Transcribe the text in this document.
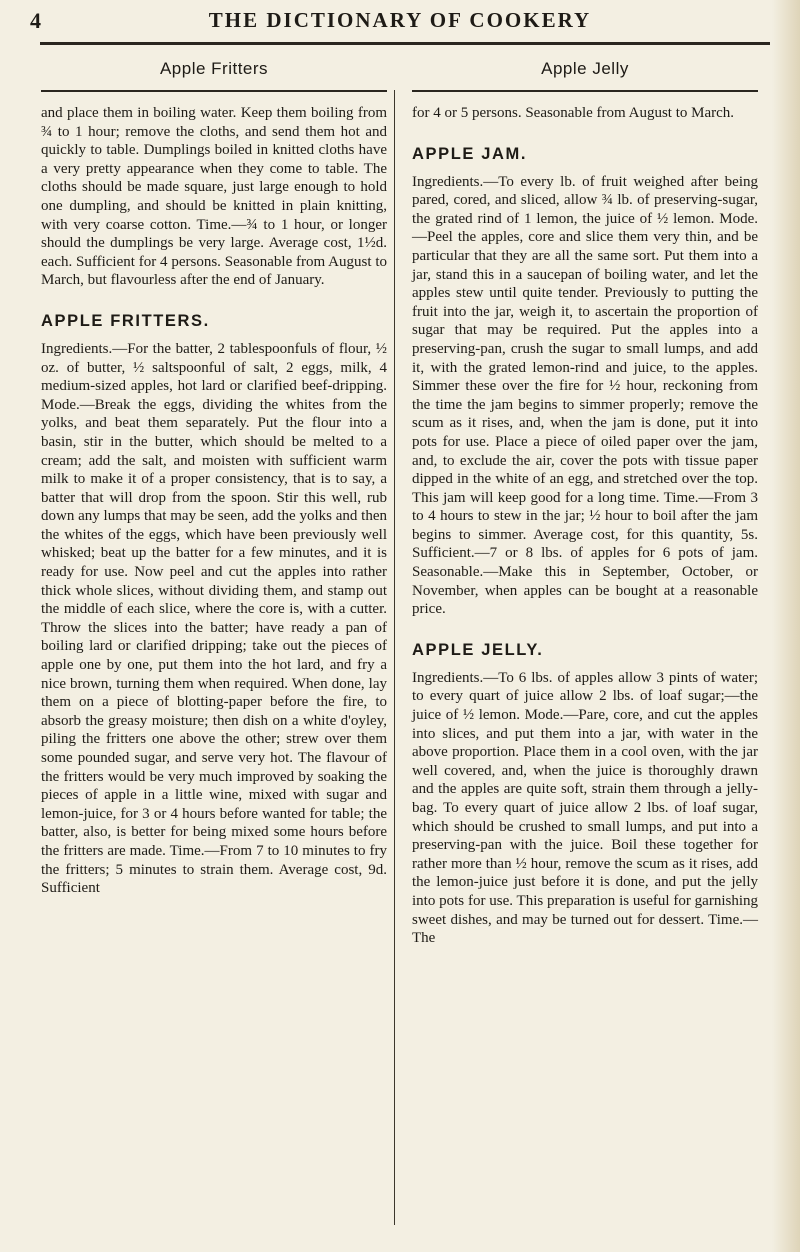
4	THE DICTIONARY OF COOKERY
Apple Fritters

and place them in boiling water. Keep them boiling from ¾ to 1 hour; remove the cloths, and send them hot and quickly to table. Dumplings boiled in knitted cloths have a very pretty appearance when they come to table. The cloths should be made square, just large enough to hold one dumpling, and should be knitted in plain knitting, with very coarse cotton. Time.—¾ to 1 hour, or longer should the dumplings be very large. Average cost, 1½d. each. Sufficient for 4 persons. Seasonable from August to March, but flavourless after the end of January.

APPLE FRITTERS.

Ingredients.—For the batter, 2 tablespoonfuls of flour, ½ oz. of butter, ½ saltspoonful of salt, 2 eggs, milk, 4 medium-sized apples, hot lard or clarified beef-dripping. Mode.—Break the eggs, dividing the whites from the yolks, and beat them separately. Put the flour into a basin, stir in the butter, which should be melted to a cream; add the salt, and moisten with sufficient warm milk to make it of a proper consistency, that is to say, a batter that will drop from the spoon. Stir this well, rub down any lumps that may be seen, add the yolks and then the whites of the eggs, which have been previously well whisked; beat up the batter for a few minutes, and it is ready for use. Now peel and cut the apples into rather thick whole slices, without dividing them, and stamp out the middle of each slice, where the core is, with a cutter. Throw the slices into the batter; have ready a pan of boiling lard or clarified dripping; take out the pieces of apple one by one, put them into the hot lard, and fry a nice brown, turning them when required. When done, lay them on a piece of blotting-paper before the fire, to absorb the greasy moisture; then dish on a white d'oyley, piling the fritters one above the other; strew over them some pounded sugar, and serve very hot. The flavour of the fritters would be very much improved by soaking the pieces of apple in a little wine, mixed with sugar and lemon-juice, for 3 or 4 hours before wanted for table; the batter, also, is better for being mixed some hours before the fritters are made. Time.—From 7 to 10 minutes to fry the fritters; 5 minutes to strain them. Average cost, 9d. Sufficient

Apple Jelly

for 4 or 5 persons. Seasonable from August to March.

APPLE JAM.

Ingredients.—To every lb. of fruit weighed after being pared, cored, and sliced, allow ¾ lb. of preserving-sugar, the grated rind of 1 lemon, the juice of ½ lemon. Mode.—Peel the apples, core and slice them very thin, and be particular that they are all the same sort. Put them into a jar, stand this in a saucepan of boiling water, and let the apples stew until quite tender. Previously to putting the fruit into the jar, weigh it, to ascertain the proportion of sugar that may be required. Put the apples into a preserving-pan, crush the sugar to small lumps, and add it, with the grated lemon-rind and juice, to the apples. Simmer these over the fire for ½ hour, reckoning from the time the jam begins to simmer properly; remove the scum as it rises, and, when the jam is done, put it into pots for use. Place a piece of oiled paper over the jam, and, to exclude the air, cover the pots with tissue paper dipped in the white of an egg, and stretched over the top. This jam will keep good for a long time. Time.—From 3 to 4 hours to stew in the jar; ½ hour to boil after the jam begins to simmer. Average cost, for this quantity, 5s. Sufficient.—7 or 8 lbs. of apples for 6 pots of jam. Seasonable.—Make this in September, October, or November, when apples can be bought at a reasonable price.

APPLE JELLY.

Ingredients.—To 6 lbs. of apples allow 3 pints of water; to every quart of juice allow 2 lbs. of loaf sugar;—the juice of ½ lemon. Mode.—Pare, core, and cut the apples into slices, and put them into a jar, with water in the above proportion. Place them in a cool oven, with the jar well covered, and, when the juice is thoroughly drawn and the apples are quite soft, strain them through a jelly-bag. To every quart of juice allow 2 lbs. of loaf sugar, which should be crushed to small lumps, and put into a preserving-pan with the juice. Boil these together for rather more than ½ hour, remove the scum as it rises, add the lemon-juice just before it is done, and put the jelly into pots for use. This preparation is useful for garnishing sweet dishes, and may be turned out for dessert. Time.—The
